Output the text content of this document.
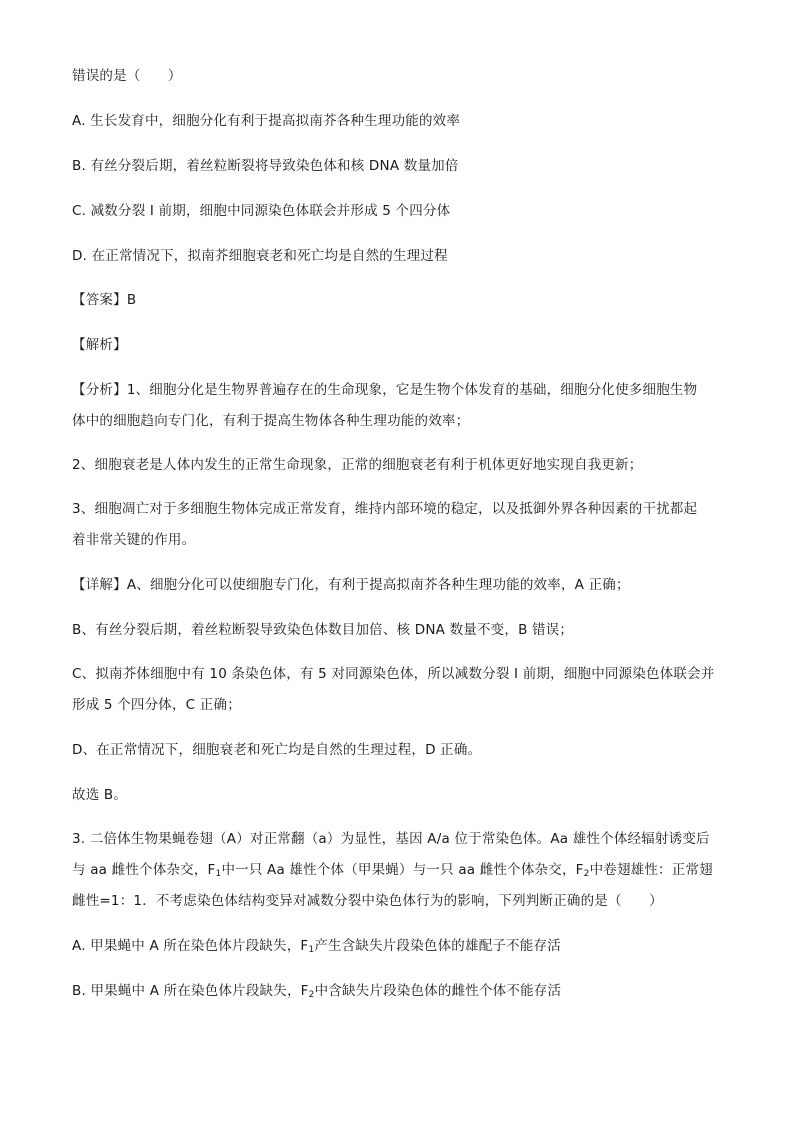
错误的是（　　）
A. 生长发育中，细胞分化有利于提高拟南芥各种生理功能的效率
B. 有丝分裂后期，着丝粒断裂将导致染色体和核 DNA 数量加倍
C. 减数分裂 I 前期，细胞中同源染色体联会并形成 5 个四分体
D. 在正常情况下，拟南芥细胞衰老和死亡均是自然的生理过程
【答案】B
【解析】
【分析】1、细胞分化是生物界普遍存在的生命现象，它是生物个体发育的基础，细胞分化使多细胞生物
体中的细胞趋向专门化，有利于提高生物体各种生理功能的效率；
2、细胞衰老是人体内发生的正常生命现象，正常的细胞衰老有利于机体更好地实现自我更新；
3、细胞凋亡对于多细胞生物体完成正常发育，维持内部环境的稳定，以及抵御外界各种因素的干扰都起
着非常关键的作用。
【详解】A、细胞分化可以使细胞专门化，有利于提高拟南芥各种生理功能的效率，A 正确；
B、有丝分裂后期，着丝粒断裂导致染色体数目加倍、核 DNA 数量不变，B 错误；
C、拟南芥体细胞中有 10 条染色体，有 5 对同源染色体，所以减数分裂 I 前期，细胞中同源染色体联会并
形成 5 个四分体，C 正确；
D、在正常情况下，细胞衰老和死亡均是自然的生理过程，D 正确。
故选 B。
3. 二倍体生物果蝇卷翅（A）对正常翻（a）为显性，基因 A/a 位于常染色体。Aa 雄性个体经辐射诱变后
与 aa 雌性个体杂交，$F_1$中一只 Aa 雄性个体（甲果蝇）与一只 aa 雌性个体杂交，$F_2$中卷翅雄性：正常翅
雌性=1：1．不考虑染色体结构变异对减数分裂中染色体行为的影响，下列判断正确的是（　　）
A. 甲果蝇中 A 所在染色体片段缺失，$F_1$产生含缺失片段染色体的雄配子不能存活
B. 甲果蝇中 A 所在染色体片段缺失，$F_2$中含缺失片段染色体的雌性个体不能存活
